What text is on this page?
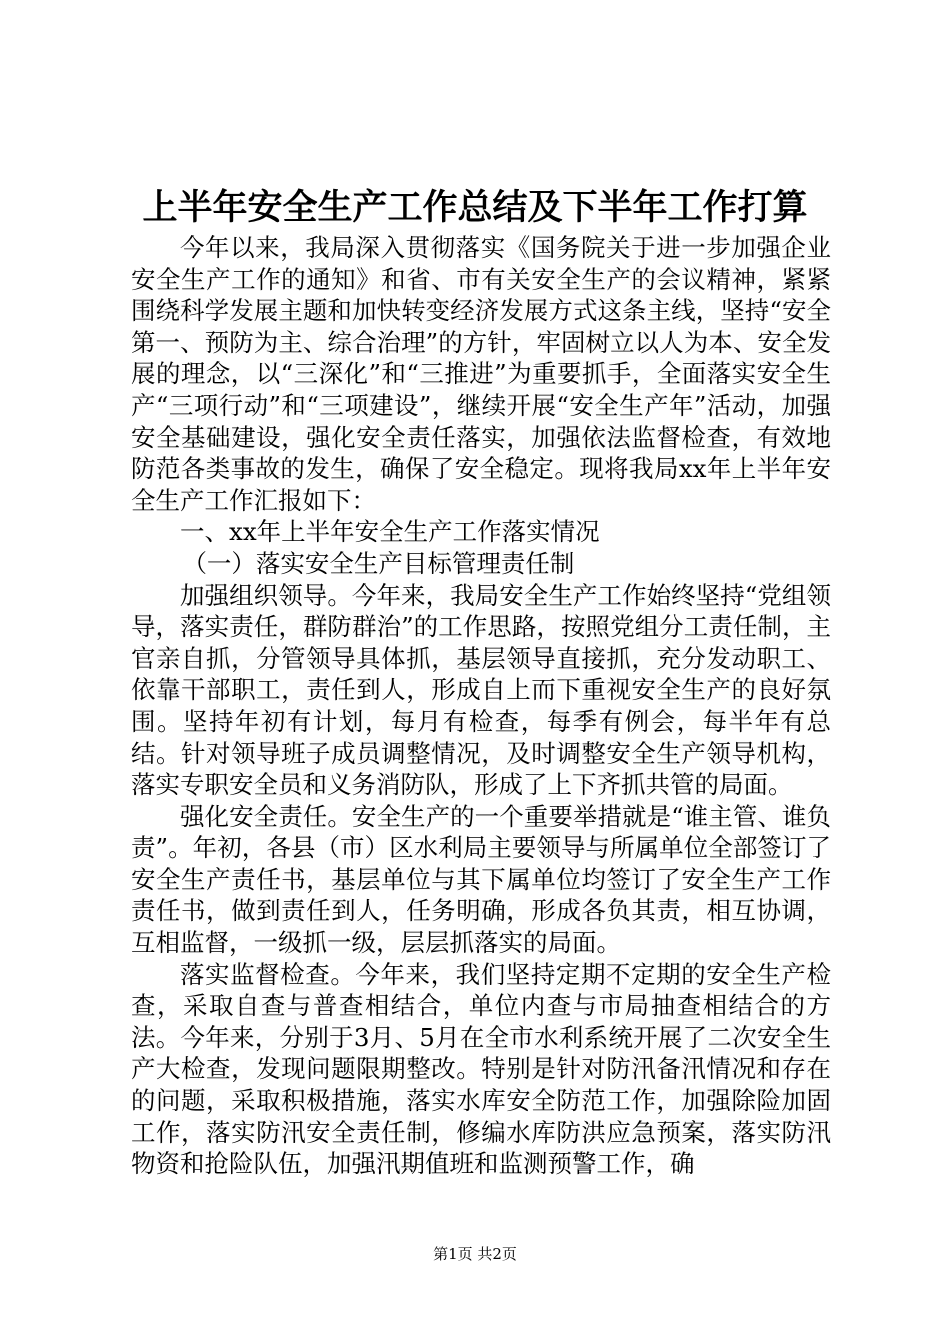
上半年安全生产工作总结及下半年工作打算

今年以来，我局深入贯彻落实《国务院关于进一步加强企业安全生产工作的通知》和省、市有关安全生产的会议精神，紧紧围绕科学发展主题和加快转变经济发展方式这条主线，坚持“安全第一、预防为主、综合治理”的方针，牢固树立以人为本、安全发展的理念，以“三深化”和“三推进”为重要抓手，全面落实安全生产“三项行动”和“三项建设”，继续开展“安全生产年”活动，加强安全基础建设，强化安全责任落实，加强依法监督检查，有效地防范各类事故的发生，确保了安全稳定。现将我局xx年上半年安全生产工作汇报如下：

一、xx年上半年安全生产工作落实情况

（一）落实安全生产目标管理责任制

加强组织领导。今年来，我局安全生产工作始终坚持“党组领导，落实责任，群防群治”的工作思路，按照党组分工责任制，主官亲自抓，分管领导具体抓，基层领导直接抓，充分发动职工、依靠干部职工，责任到人，形成自上而下重视安全生产的良好氛围。坚持年初有计划，每月有检查，每季有例会，每半年有总结。针对领导班子成员调整情况，及时调整安全生产领导机构，落实专职安全员和义务消防队，形成了上下齐抓共管的局面。

强化安全责任。安全生产的一个重要举措就是“谁主管、谁负责”。年初，各县（市）区水利局主要领导与所属单位全部签订了安全生产责任书，基层单位与其下属单位均签订了安全生产工作责任书，做到责任到人，任务明确，形成各负其责，相互协调，互相监督，一级抓一级，层层抓落实的局面。

落实监督检查。今年来，我们坚持定期不定期的安全生产检查，采取自查与普查相结合，单位内查与市局抽查相结合的方法。今年来，分别于3月、5月在全市水利系统开展了二次安全生产大检查，发现问题限期整改。特别是针对防汛备汛情况和存在的问题，采取积极措施，落实水库安全防范工作，加强除险加固工作，落实防汛安全责任制，修编水库防洪应急预案，落实防汛物资和抢险队伍，加强汛期值班和监测预警工作，确

第1页 共2页
